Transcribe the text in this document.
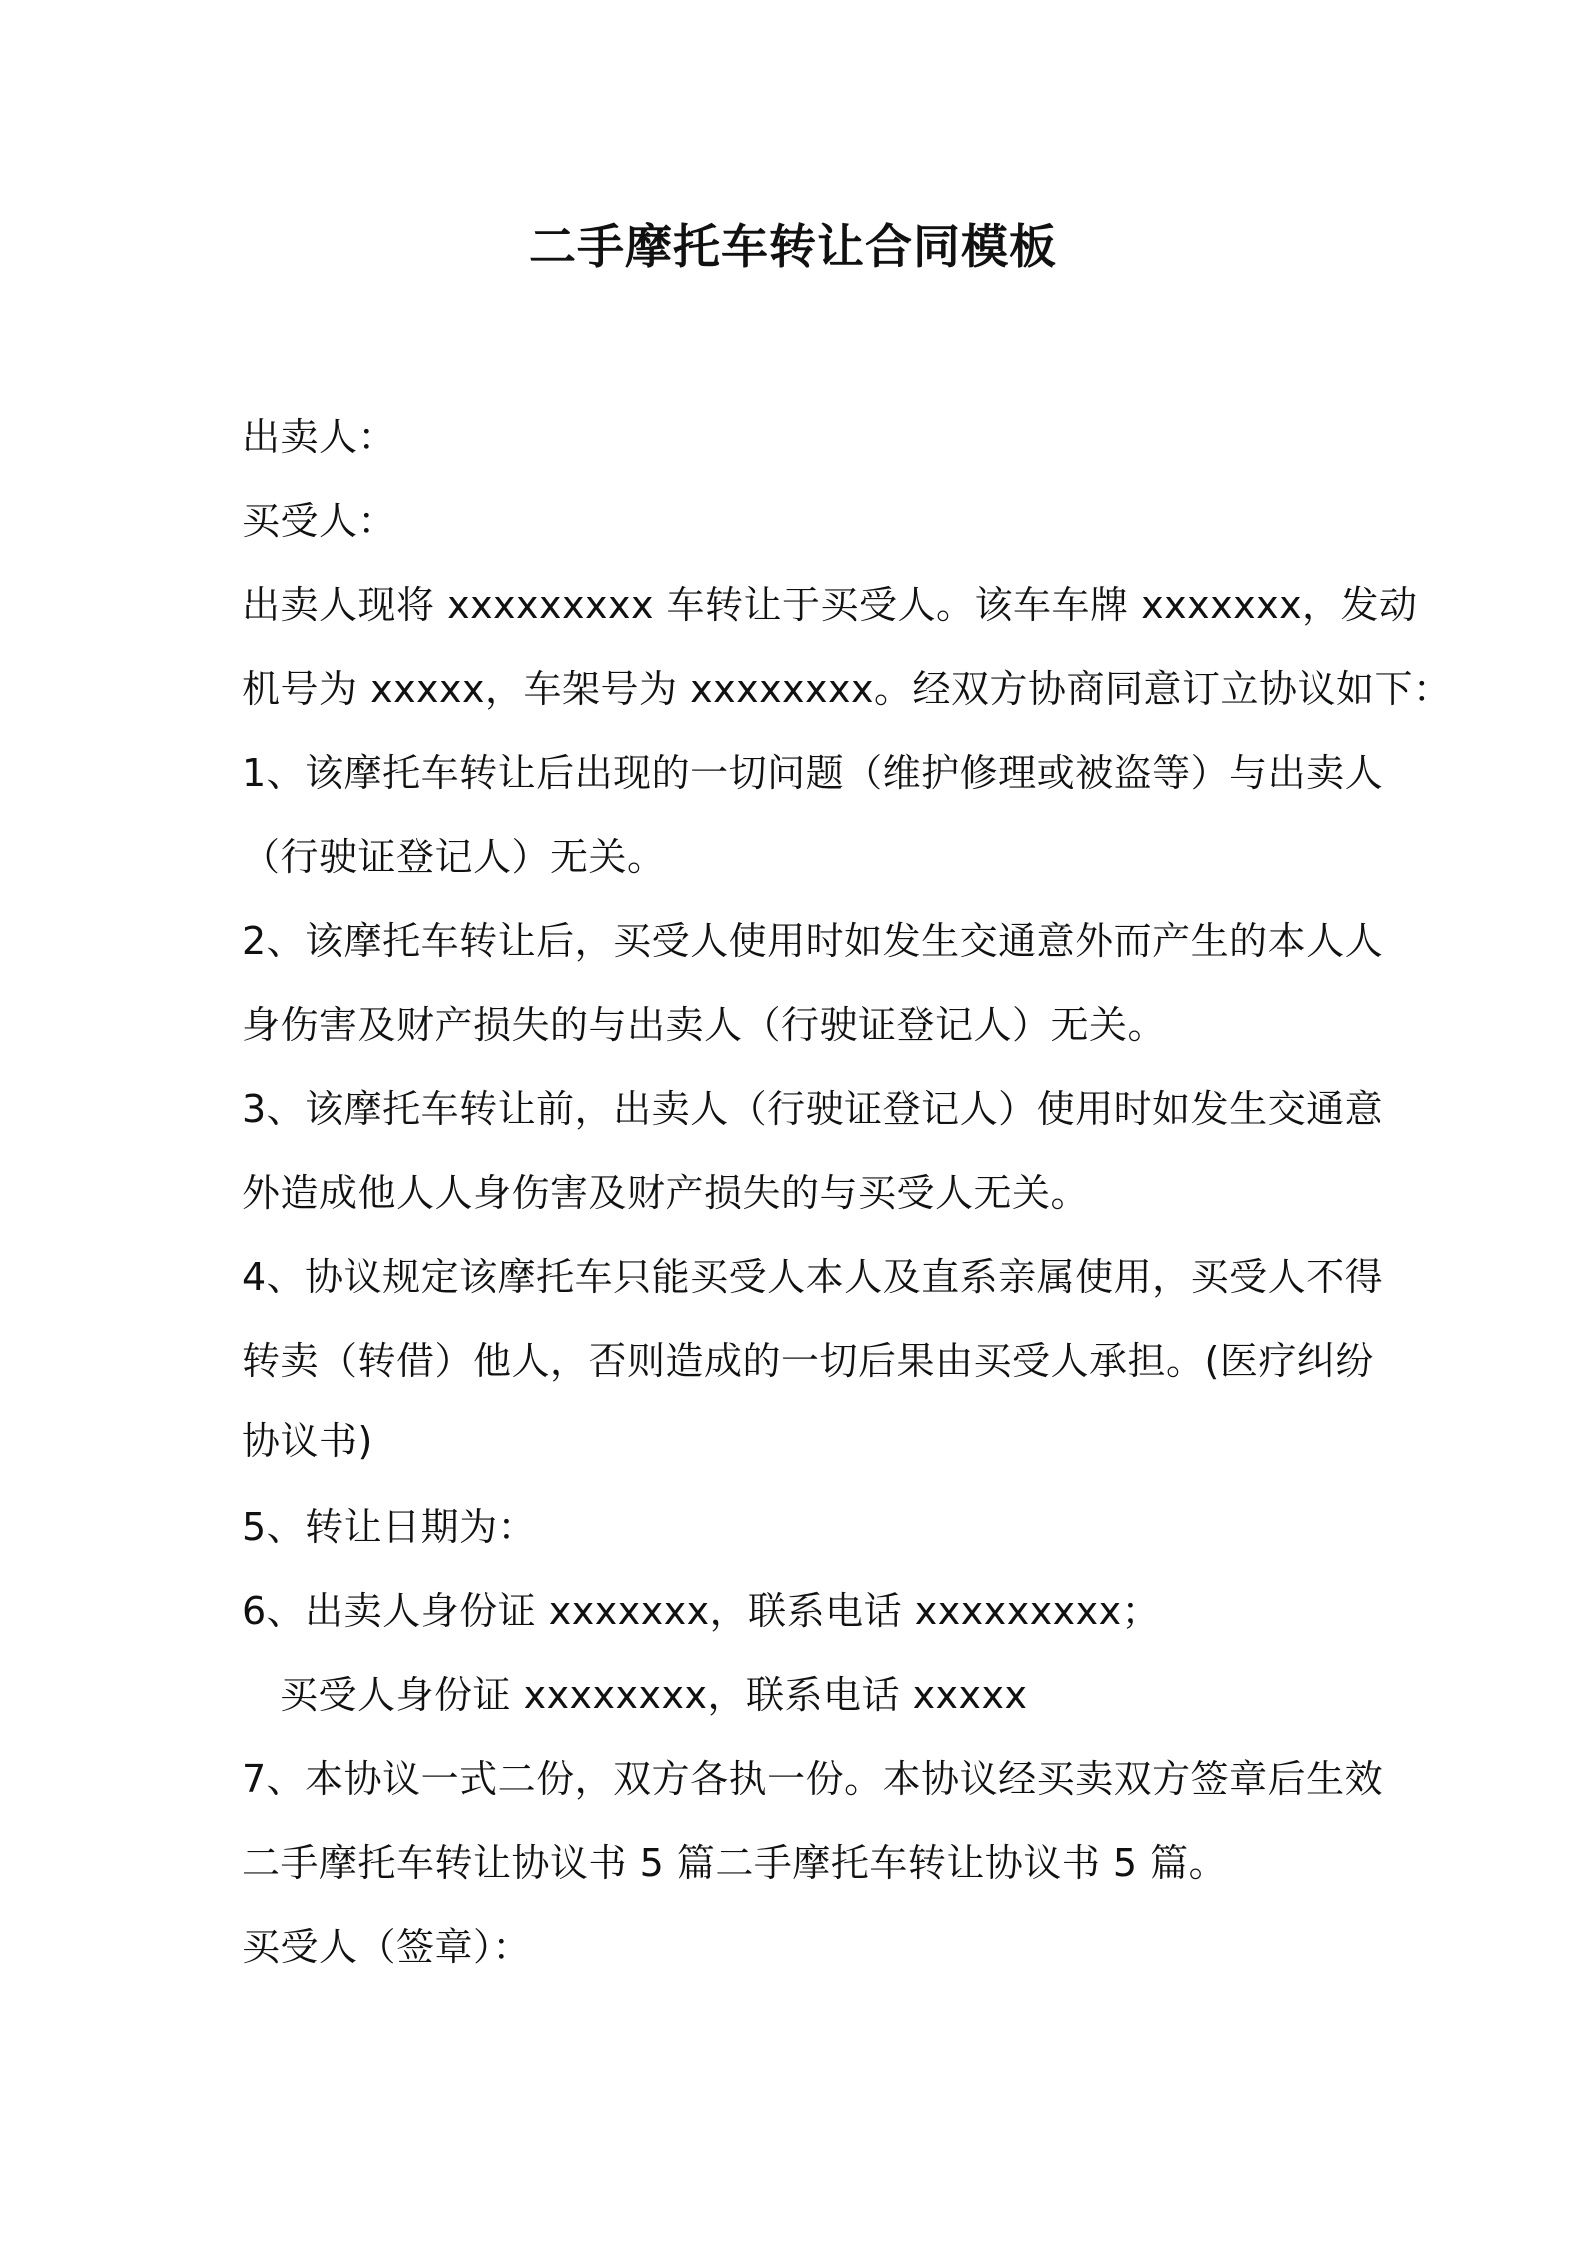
二手摩托车转让合同模板
出卖人：
买受人：
出卖人现将 xxxxxxxxx 车转让于买受人。该车车牌 xxxxxxx，发动
机号为 xxxxx，车架号为 xxxxxxxx。经双方协商同意订立协议如下：
1、该摩托车转让后出现的一切问题（维护修理或被盗等）与出卖人
（行驶证登记人）无关。
2、该摩托车转让后，买受人使用时如发生交通意外而产生的本人人
身伤害及财产损失的与出卖人（行驶证登记人）无关。
3、该摩托车转让前，出卖人（行驶证登记人）使用时如发生交通意
外造成他人人身伤害及财产损失的与买受人无关。
4、协议规定该摩托车只能买受人本人及直系亲属使用，买受人不得
转卖（转借）他人，否则造成的一切后果由买受人承担。(医疗纠纷
协议书)
5、转让日期为：
6、出卖人身份证 xxxxxxx，联系电话 xxxxxxxxx；
买受人身份证 xxxxxxxx，联系电话 xxxxx
7、本协议一式二份，双方各执一份。本协议经买卖双方签章后生效
二手摩托车转让协议书 5 篇二手摩托车转让协议书 5 篇。
买受人（签章）：
